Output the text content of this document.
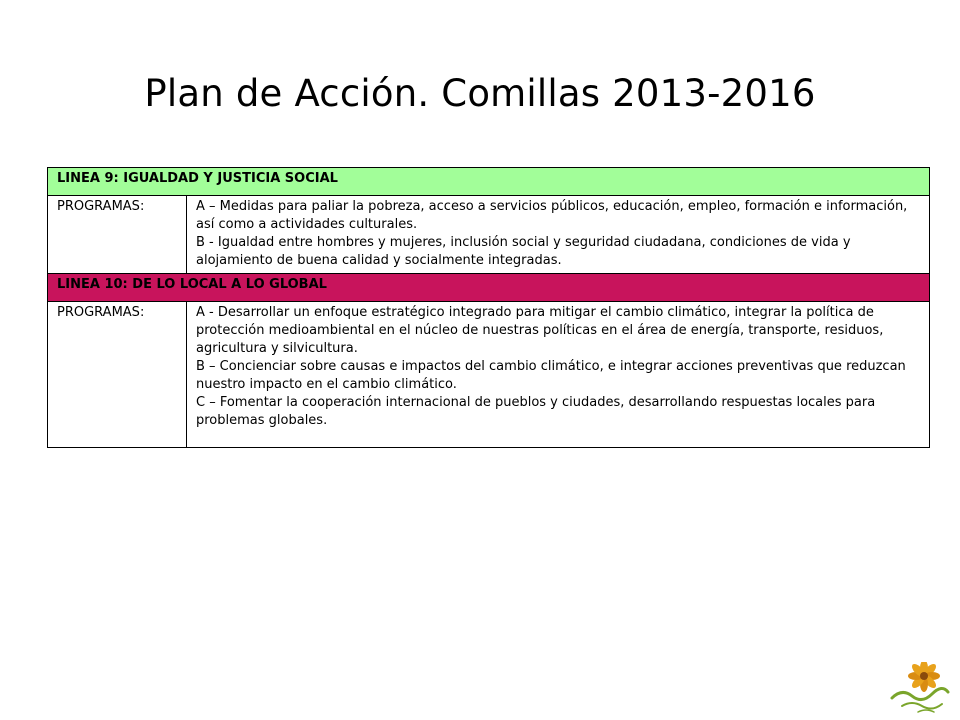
Plan de Acción. Comillas 2013-2016
LINEA 9: IGUALDAD Y JUSTICIA SOCIAL	
PROGRAMAS:	A – Medidas para paliar la pobreza, acceso a servicios públicos, educación, empleo, formación e información, así como a actividades culturales.
B - Igualdad entre hombres y mujeres, inclusión social y seguridad ciudadana, condiciones de vida y alojamiento de buena calidad y socialmente integradas.

LINEA 10: DE LO LOCAL A LO GLOBAL	
PROGRAMAS:	A - Desarrollar un enfoque estratégico integrado para mitigar el cambio climático, integrar la política de protección medioambiental en el núcleo de nuestras políticas en el área de energía, transporte, residuos, agricultura y silvicultura.
B – Concienciar sobre causas e impactos del cambio climático, e integrar acciones preventivas que reduzcan nuestro impacto en el cambio climático.
C – Fomentar la cooperación internacional de pueblos y ciudades, desarrollando respuestas locales para problemas globales.
